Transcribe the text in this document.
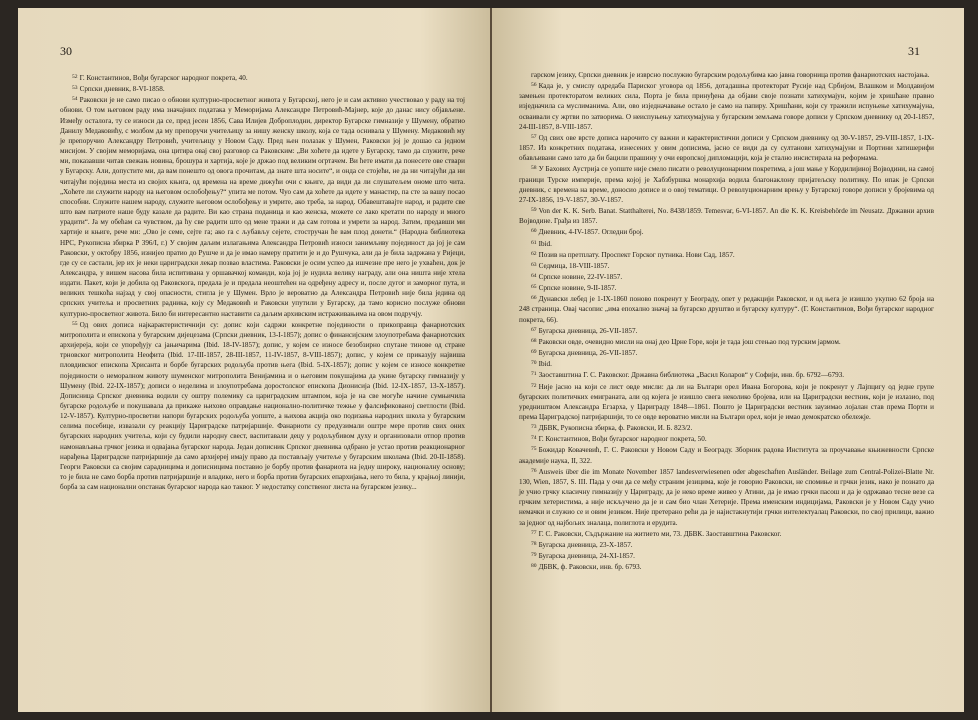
30

$^{52}$ Г. Константинов, Вођи бугарског народног покрета, 40.

$^{53}$ Српски дневник, 8-VI-1858.

$^{54}$ Раковски је не само писао о обнови културно-просветног живота у Бугарској, него је и сам активно учествовао у раду на тој обнови. О том његовом раду има значајних података у Меморијама Александре Петровић-Мајнер, које до данас нису објављене. Између осталога, ту се износи да се, пред јесен 1856, Сава Илијев Доброплодни, директор Бугарске гимназије у Шумену, обратио Данилу Медаковићу, с молбом да му препоручи учитељицу за нишу женску школу, која се тада оснивала у Шумену. Медаковић му је препоручио Александру Петровић, учитељицу у Новом Саду. Пред њен полазак у Шумен, Раковски јој је дошао са једном мисијом. У својим меморијама, она цитира овај свој разговор са Раковским: „Ви хоћете да идете у Бугарску, тамо да служите, рече ми, показавши читав свежањ новина, брошура и хартија, које је држао под великим огртачем. Ви ћете имати да понесете ове ствари у Бугарску. Али, допустите ми, да вам понешто од овога прочитам, да знате шта носите“, и онда се стојећи, не да ни читајући да ни читајући поједина места из својих књига, од времена на време дижући очи с књиге, да види да ли слушатељем ономе што чита. „Хоћете ли служити народу на његовом ослобођењу?“ упита ме потом. Чуо сам да хоћете да идете у манастир, па сте за вашу посао способни. Служите нашем народу, служите његовом ослобођењу и умрите, ако треба, за народ. Обавештавајте народ, и радите све што вам патриоте наше буду казале да радите. Ви као страна поданица и као женска, можете се лако кретати по народу и много урадити“. Ја му обећам са чувством, да ћу све радити што од мене тражи и да сам готова и умрети за народ. Затим, предавши ми хартије и књиге, рече ми: „Ово је семе, сејте га; ако га с љубављу сејете, стостручан ће вам плод донети.“ (Народна библиотека НРС, Рукописна збирка Р 396/I, г.) У својим даљим излагањима Александра Петровић износи занимљиву појединост да јој је сам Раковски, у октобру 1856, изнијео пратио до Рушче и да је имао намеру пратити је и до Рушчука, али да је била задржана у Ријеци, где су се састали, јер их је неки цариградски лекар позвао властима. Раковски је осим успео да ишчезне пре него је ухваћен, док је Александра, у вишем насова била испитивана у оршавачкој команди, која јој је нудила велику награду, али она ништа није хтела издати. Пакет, који је добила од Раковскога, предала је и предала неоштећен на одређену адресу и, после дугог и заморног пута, и великих тешкоћа најзад у свој опасности, стигла је у Шумен. Врло је вероватно да Александра Петровић није била једина од српских учитеља и просветних радника, коју су Медаковић и Раковски упутили у Бугарску, да тамо корисно послуже обнови културно-просветног живота. Било би интересантно наставити са даљим архивским истраживањима на овом подручју.

$^{55}$ Од ових дописа најкарактеристичнији су: допис који садржи конкретне појединости о прикоправца фанариотских митрополита и епископа у бугарским дијецезама (Српски дневник, 13-I-1857); допис о финансијским злоупотребама фанариотских архијереја, који се упоређују са јањичарима (Ibid. 18-IV-1857); допис, у којем се износе безобзирно спутане тинове од стране трновског митрополита Неофита (Ibid. 17-III-1857, 28-III-1857, 11-IV-1857, 8-VIII-1857); допис, у којем се приказују највиша пловдивског епископа Хрисанта и борбе бугарских родољуба против њега (Ibid. 5-IX-1857); допис у којем се износе конкретне појединости о неморалном животу шуменског митрополита Венијамина и о његовим покушајима да укине бугарску гимназију у Шумену (Ibid. 22-IX-1857); дописи о неделима и злоупотребама доростолског епископа Дионисија (Ibid. 12-IX-1857, 13-X-1857). Дописница Српског дневника водили су оштру полемику са цариградским штампом, која је на све могуће начине сумњичила бугарске родољубе и покушавала да прикаже њихово оправдање национално-политичке тежње у фалсификованој светлости (Ibid. 12-V-1857). Културно-просветни напори бугарских родољуба уопште, а њихова акција око подизања народних школа у бугарским селима посебице, извазали су реакцију Цариградске патријаршије. Фанариоти су предузимали оштре мере против свих оних бугарских народних учитеља, који су будили народну свест, васпитавали децу у родољубивом духу и организовали отпор против намонављања грчког језика и одвајања бугарског народа. Један дописник Српског дневника одбрано је устао против реакционарног нарађења Цариградске патријаршије да само архијереј имају право да постављају учитеље у бугарским школама (Ibid. 20-II-1858). Георги Раковски са својим сарадницима и дописницима поставио је борбу против фанариота на једну широку, националну основу; то је била не само борба против патријаршије и владике, него и борба против бугарских епархијања, него то била, у крајњој линији, борба за сам национални опстанак бугарског народа као таквог. У недостатку сопственог листа на бугарском језику...

31

гарском језику, Српски дневник је изврсно послужио бугарским родољубима као јавна говорница против фанариотских настојања.

$^{56}$ Када је, у смислу одредаба Париског уговора од 1856, дотадашња протекторат Русије над Србијом, Влашком и Молдавијом замењен протекторатом великих сила, Порта је била принуђена да објави своје познати хатихумајун, којим је хришћане правно изједначила са муслиманима. Али, ово изједначавање остало је само на папиру. Хришћани, који су тражили испуњење хатихумајуна, осваивали су жртви по затворима. О неиспуњењу хатихумајуна у бугарским земљама говоре дописи у Српском дневнику од 20-I-1857, 24-III-1857, 8-VIII-1857.

$^{57}$ Од свих ове врсте дописа нарочито су важни и карактеристични дописи у Српском дневнику од 30-V-1857, 29-VIII-1857, 1-IX-1857. Из конкретних података, изнесених у овим дописима, јасно се види да су султанови хатихумајуни и Портини хатишерифи обављивани само зато да би бацили прашину у очи европској дипломацији, која је стално инсистирала на реформама.

$^{58}$ У Бахових Аустрија се уопште није смело писати о револуционарним покретима, а још мање у Кордилијиној Војводини, на самој граници Турске империје, према којој је Хабзбуршка монархија водила благонаклону пријатељску политику. По ипак је Српски дневник, с времена на време, доносио дописе и о овој тематици. О револуционарним врењу у Бугарској говоре дописи у бројевима од 27-IX-1856, 19-V-1857, 30-V-1857.

$^{59}$ Von der K. K. Serb. Banat. Statthalterei, No. 8438/1859. Temesvar, 6-VI-1857. An die K. K. Kreisbehörde im Neusatz. Државни архив Војводине. Грађа из 1857.

$^{60}$ Дневник, 4-IV-1857. Огледни број.

$^{61}$ Ibid.

$^{62}$ Позив на претплату. Проспект Горског путника. Нови Сад, 1857.

$^{63}$ Седмица, 18-VIII-1857.

$^{64}$ Српске новине, 22-IV-1857.

$^{65}$ Српске новине, 9-II-1857.

$^{66}$ Дунавски лебед је 1-IX-1860 поново покренут у Београду, опет у редакцији Раковског, и од њега је изишло укупно 62 броја на 248 страница. Овај часопис „има епохално значај за бугарско друштво и бугарску културу“. (Г. Константинов, Вођи бугарског народног покрета, 66).

$^{67}$ Бугарска дневница, 26-VII-1857.

$^{68}$ Раковски овде, очевидно мисли на онај део Црне Горе, који је тада још стењао под турским јармом.

$^{69}$ Бугарска дневница, 26-VII-1857.

$^{70}$ Ibid.

$^{71}$ Заоставштина Г. С. Раковског. Државна библиотека „Васил Коларов“ у Софији, инв. бр. 6792—6793.

$^{72}$ Није јасно на који се лист овде мисли: да ли на Българи орел Ивана Богорова, који је покренут у Лајпцигу од једне групе бугарских политичких емиграната, али од којега је изишло свега неколико бројева, или на Цариградски вестник, који је излазио, под уредништвом Александра Егзарха, у Цариграду 1848—1861. Пошто је Цариградски вестник заузимао лојалан став према Порти и према Цариградској патријаршији, то се овде вероватно мисли на Българи орел, који је имао демократско обележје.

$^{73}$ ДБВК, Рукописна збирка, ф. Раковски, И. Б. 823/2.

$^{74}$ Г. Константинов, Вођи бугарског народног покрета, 50.

$^{75}$ Божидар Ковачевић, Г. С. Раковски у Новом Саду и Београду. Зборник радова Института за проучавање књижевности Српске академије наука, II, 322.

$^{76}$ Ausweis über die im Monate November 1857 landesverwiesenen oder abgeschaften Ausländer. Beilage zum Central-Polizei-Blatte Nr. 130, Wien, 1857, S. III. Пада у очи да се међу страним језицима, које је говорио Раковски, не спомиње и грчки језик, иако је познато да је учио грчку класичну гимназију у Цариграду, да је неко време живео у Атини, да је имао грчки пасош и да је одржавао тесне везе са грчким хетеристима, а није искључено да је и сам био члан Хетерије. Према именским индицијама, Раковски је у Новом Саду учио немачки и служио се и овим језиком. Није претерано рећи да је најистакнутији грчки интелектуалац Раковски, по свој прилици, важио за једног од најбољих зналаца, полиглота и ерудита.

$^{77}$ Г. С. Раковски, Съдържание на житието ми, 73. ДБВК. Заоставштина Раковског.

$^{78}$ Бугарска дневница, 23-X-1857.

$^{79}$ Бугарска дневница, 24-XI-1857.

$^{80}$ ДБВК, ф. Раковски, инв. бр. 6793.
